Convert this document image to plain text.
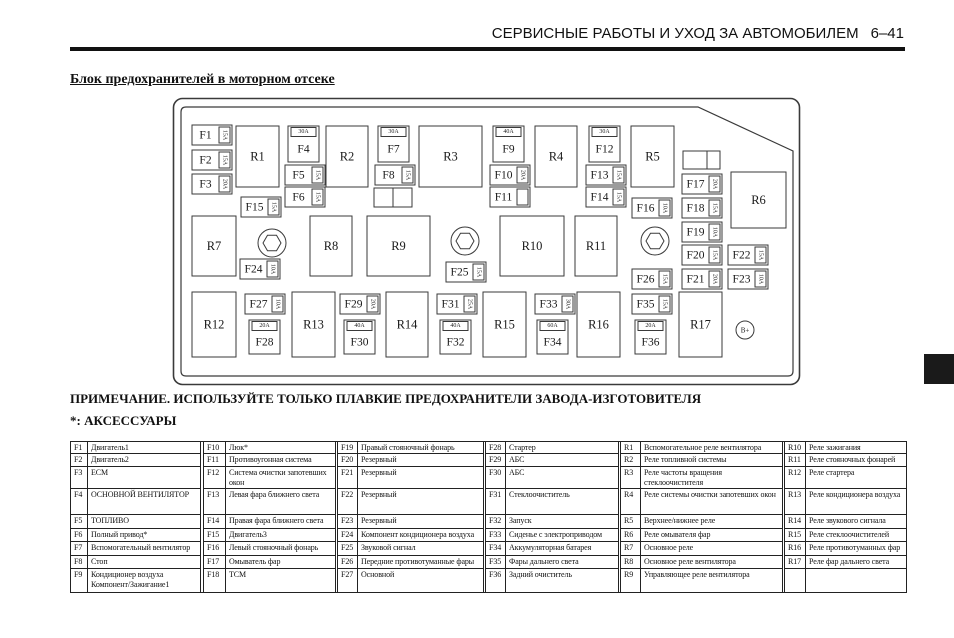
СЕРВИСНЫЕ РАБОТЫ И УХОД ЗА АВТОМОБИЛЕМ 6–41
Блок предохранителей в моторном отсеке
R1	R2	R3	R4	R5
R6
R7	R8	R9	R10	R11
R12	R13	R14	R15	R16	R17
F1 15A
F2 15A
F3 20A
30A
F4
F5 15A
F6 15A
30A
F7
F8 15A
40A
F9
F10 20A
F11
30A
F12
F13 15A
F14 15A
F15 15A	F16 10A
F17 20A
F18 15A
F19 10A
F20 15A
F21 20A
F22 15A
F23 10A
F24 10A	F25 15A
F26 15A
F27 10A
20A
F28
F29 20A
40A
F30
F31 25A
40A
F32
F33 30A
60A
F34
F35 15A
20A
F36
B+
ПРИМЕЧАНИЕ. ИСПОЛЬЗУЙТЕ ТОЛЬКО ПЛАВКИЕ ПРЕДОХРАНИТЕЛИ ЗАВОДА-ИЗГОТОВИТЕЛЯ
*: АКСЕССУАРЫ
F1	Двигатель1		F10	Люк*		F19	Правый стояночный фонарь		F28	Стартер		R1	Вспомогательное реле вентилятора		R10	Реле зажигания
F2	Двигатель2		F11	Противоугонная система		F20	Резервный		F29	АБС		R2	Реле топливной системы		R11	Реле стояночных фонарей
F3	ECM		F12	Система очистки запотевших окон		F21	Резервный		F30	АБС		R3	Реле частоты вращения стеклоочистителя		R12	Реле стартера
F4	ОСНОВНОЙ ВЕНТИЛЯТОР		F13	Левая фара ближнего света		F22	Резервный		F31	Стеклоочиститель		R4	Реле системы очистки запотевших окон		R13	Реле кондиционера воздуха
F5	ТОПЛИВО		F14	Правая фара ближнего света		F23	Резервный		F32	Запуск		R5	Верхнее/нижнее реле		R14	Реле звукового сигнала
F6	Полный привод*		F15	Двигатель3		F24	Компонент кондиционера воздуха		F33	Сиденье с электроприводом		R6	Реле омывателя фар		R15	Реле стеклоочистителей
F7	Вспомогательный вентилятор		F16	Левый стояночный фонарь		F25	Звуковой сигнал		F34	Аккумуляторная батарея		R7	Основное реле		R16	Реле противотуманных фар
F8	Стоп		F17	Омыватель фар		F26	Передние противотуманные фары		F35	Фары дальнего света		R8	Основное реле вентилятора		R17	Реле фар дальнего света
F9	Кондиционер воздуха Компонент/Зажигание1		F18	TCM		F27	Основной		F36	Задний очиститель		R9	Управляющее реле вентилятора			
